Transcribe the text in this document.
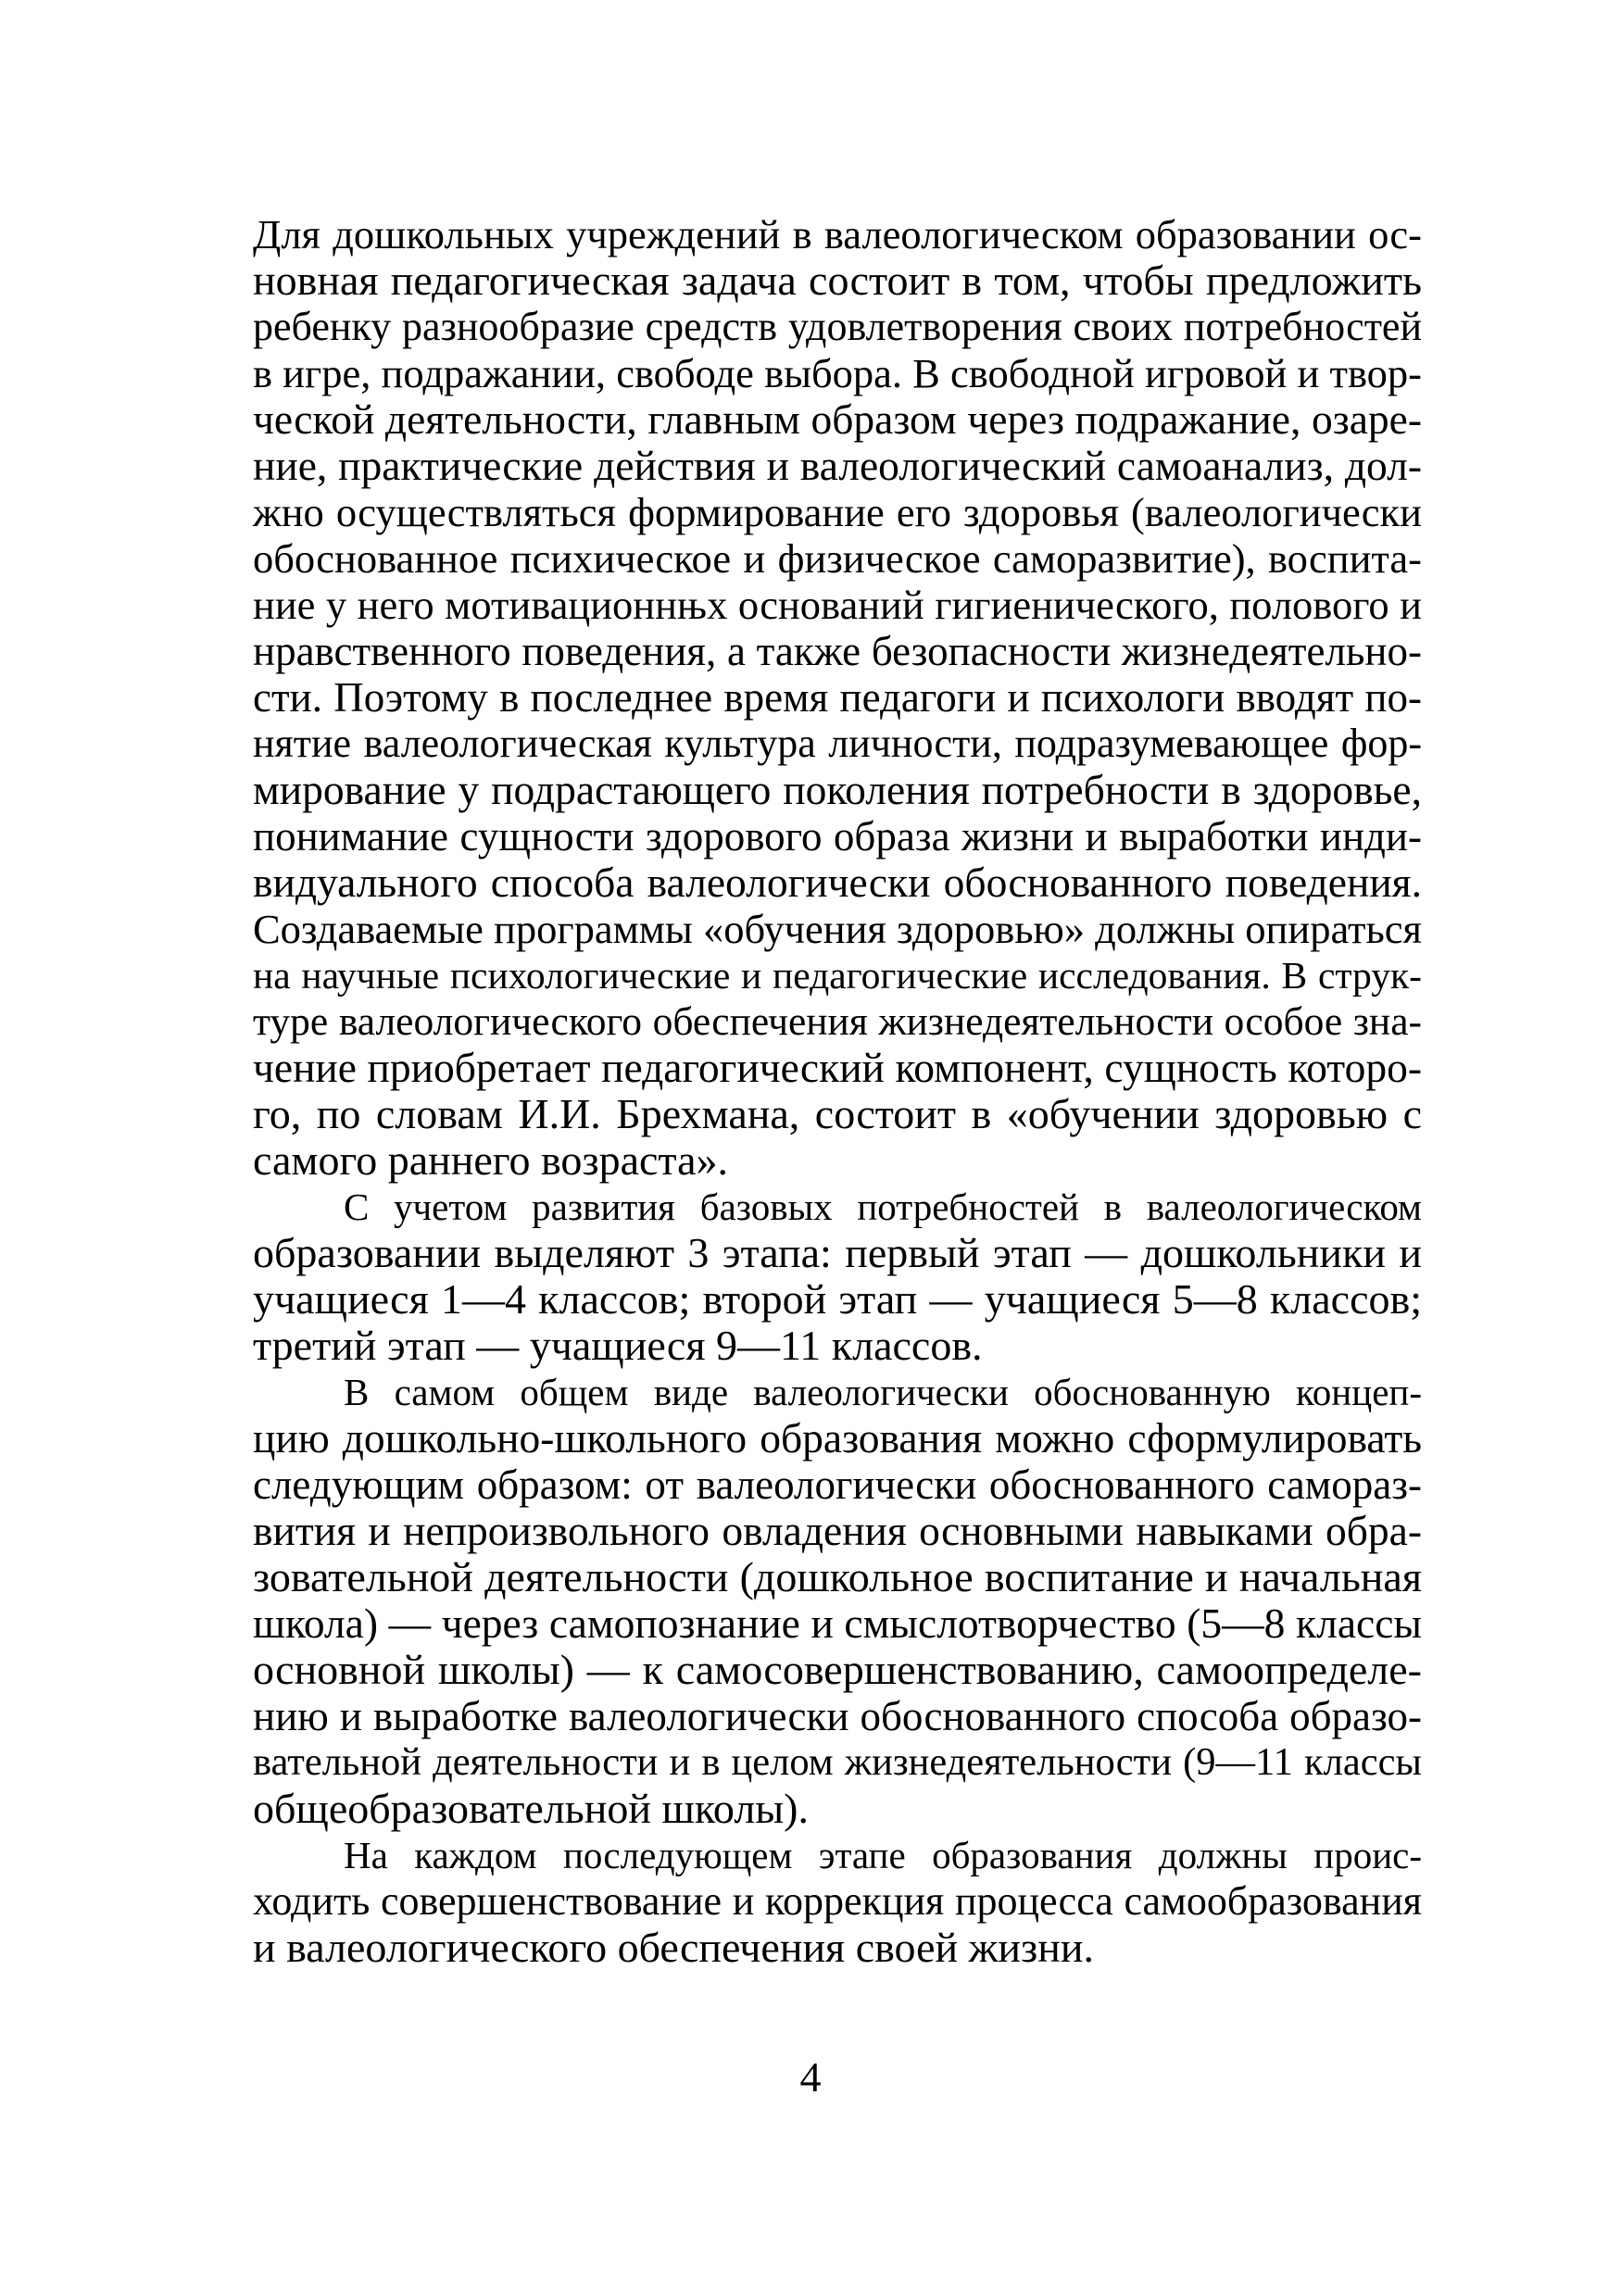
Для дошкольных учреждений в валеологическом образовании ос-
новная педагогическая задача состоит в том, чтобы предложить
ребенку разнообразие средств удовлетворения своих потребностей
в игре, подражании, свободе выбора. В свободной игровой и твор-
ческой деятельности, главным образом через подражание, озаре-
ние, практические действия и валеологический самоанализ, дол-
жно осуществляться формирование его здоровья (валеологически
обоснованное психическое и физическое саморазвитие), воспита-
ние у него мотивационнњх оснований гигиенического, полового и
нравственного поведения, а также безопасности жизнедеятельно-
сти. Поэтому в последнее время педагоги и психологи вводят по-
нятие валеологическая культура личности, подразумевающее фор-
мирование у подрастающего поколения потребности в здоровье,
понимание сущности здорового образа жизни и выработки инди-
видуального способа валеологически обоснованного поведения.
Создаваемые программы «обучения здоровью» должны опираться
на научные психологические и педагогические исследования. В струк-
туре валеологического обеспечения жизнедеятельности особое зна-
чение приобретает педагогический компонент, сущность которо-
го, по словам И.И. Брехмана, состоит в «обучении здоровью с
самого раннего возраста».
С учетом развития базовых потребностей в валеологическом
образовании выделяют 3 этапа: первый этап — дошкольники и
учащиеся 1—4 классов; второй этап — учащиеся 5—8 классов;
третий этап — учащиеся 9—11 классов.
В самом общем виде валеологически обоснованную концеп-
цию дошкольно-школьного образования можно сформулировать
следующим образом: от валеологически обоснованного самораз-
вития и непроизвольного овладения основными навыками обра-
зовательной деятельности (дошкольное воспитание и начальная
школа) — через самопознание и смыслотворчество (5—8 классы
основной школы) — к самосовершенствованию, самоопределе-
нию и выработке валеологически обоснованного способа образо-
вательной деятельности и в целом жизнедеятельности (9—11 классы
общеобразовательной школы).
На каждом последующем этапе образования должны проис-
ходить совершенствование и коррекция процесса самообразования
и валеологического обеспечения своей жизни.
4
